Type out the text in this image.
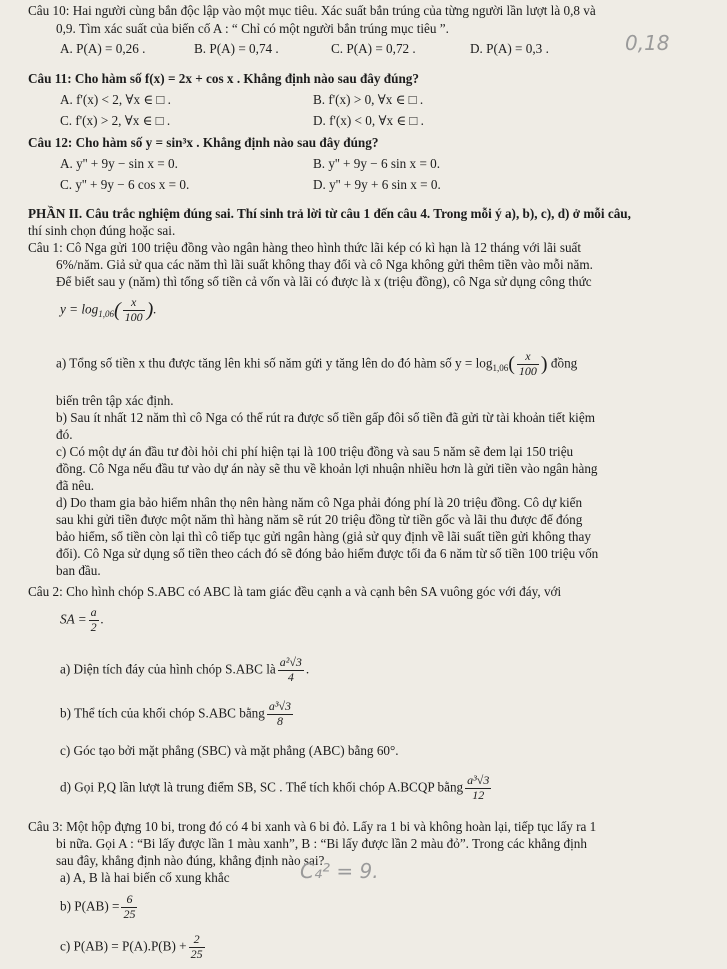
Câu 10: Hai người cùng bắn độc lập vào một mục tiêu. Xác suất bắn trúng của từng người lần lượt là 0,8 và
0,9. Tìm xác suất của biến cố A : “ Chỉ có một người bắn trúng mục tiêu ”.
A. P(A) = 0,26 .	B. P(A) = 0,74 .	C. P(A) = 0,72 .	D. P(A) = 0,3 .	0,18
Câu 11: Cho hàm số f(x) = 2x + cos x . Khẳng định nào sau đây đúng?
A. f'(x) < 2, ∀x ∈ □ .	B. f'(x) > 0, ∀x ∈ □ .
C. f'(x) > 2, ∀x ∈ □ .	D. f'(x) < 0, ∀x ∈ □ .
Câu 12: Cho hàm số y = sin³x . Khẳng định nào sau đây đúng?
A. y'' + 9y − sin x = 0.	B. y'' + 9y − 6 sin x = 0.
C. y'' + 9y − 6 cos x = 0.	D. y'' + 9y + 6 sin x = 0.
PHẦN II. Câu trắc nghiệm đúng sai. Thí sinh trả lời từ câu 1 đến câu 4. Trong mỗi ý a), b), c), d) ở mỗi câu,
thí sinh chọn đúng hoặc sai.
Câu 1: Cô Nga gửi 100 triệu đồng vào ngân hàng theo hình thức lãi kép có kì hạn là 12 tháng với lãi suất
6%/năm. Giả sử qua các năm thì lãi suất không thay đổi và cô Nga không gửi thêm tiền vào mỗi năm.
Để biết sau y (năm) thì tổng số tiền cả vốn và lãi có được là x (triệu đồng), cô Nga sử dụng công thức
$y = \log_{1,06}( \frac{x}{100}$ ).
a) Tổng số tiền x thu được tăng lên khi số năm gửi y tăng lên do đó hàm số $y = \log_{1,06}( \frac{x}{100}$ ) đồng
biến trên tập xác định.
b) Sau ít nhất 12 năm thì cô Nga có thể rút ra được số tiền gấp đôi số tiền đã gửi từ tài khoản tiết kiệm
đó.
c) Có một dự án đầu tư đòi hỏi chi phí hiện tại là 100 triệu đồng và sau 5 năm sẽ đem lại 150 triệu
đồng. Cô Nga nếu đầu tư vào dự án này sẽ thu về khoản lợi nhuận nhiều hơn là gửi tiền vào ngân hàng
đã nêu.
d) Do tham gia bảo hiểm nhân thọ nên hàng năm cô Nga phải đóng phí là 20 triệu đồng. Cô dự kiến
sau khi gửi tiền được một năm thì hàng năm sẽ rút 20 triệu đồng từ tiền gốc và lãi thu được để đóng
bảo hiểm, số tiền còn lại thì cô tiếp tục gửi ngân hàng (giả sử quy định về lãi suất tiền gửi không thay
đổi). Cô Nga sử dụng số tiền theo cách đó sẽ đóng bảo hiểm được tối đa 6 năm từ số tiền 100 triệu vốn
ban đầu.
Câu 2: Cho hình chóp S.ABC có ABC là tam giác đều cạnh a và cạnh bên SA vuông góc với đáy, với
SA = $\frac{a}{2}$ .
a) Diện tích đáy của hình chóp S.ABC là $\frac{\text{a²√3}}{4}$ .
b) Thể tích của khối chóp S.ABC bằng $\frac{\text{a³√3}}{8}$
c) Góc tạo bởi mặt phẳng (SBC) và mặt phẳng (ABC) bằng 60°.
d) Gọi P,Q lần lượt là trung điểm SB, SC . Thể tích khối chóp A.BCQP bằng $\frac{\text{a³√3}}{12}$
Câu 3: Một hộp đựng 10 bi, trong đó có 4 bi xanh và 6 bi đỏ. Lấy ra 1 bi và không hoàn lại, tiếp tục lấy ra 1
bi nữa. Gọi A : “Bi lấy được lần 1 màu xanh”, B : “Bi lấy được lần 2 màu đỏ”. Trong các khẳng định
sau đây, khẳng định nào đúng, khẳng định nào sai?
a) A, B là hai biến cố xung khắc	C₄² = 9.
b) $P(AB) = \frac{6}{25}$
c) $P(AB) = P(A).P(B) + \frac{2}{25}$
